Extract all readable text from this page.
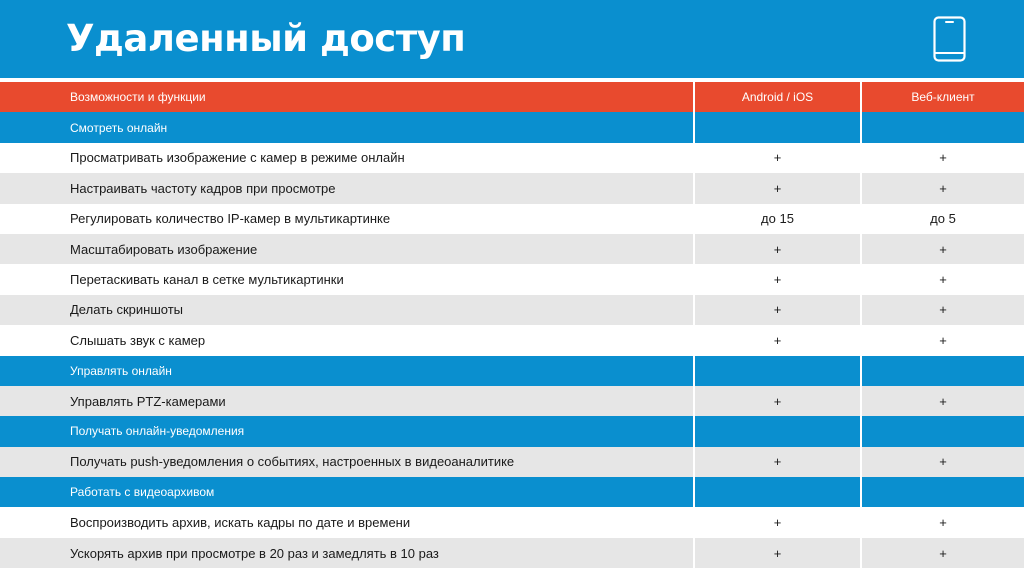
Удаленный доступ
Возможности и функции	Android / iOS	Веб-клиент
Смотреть онлайн
Просматривать изображение с камер в режиме онлайн	+	+
Настраивать частоту кадров при просмотре	+	+
Регулировать количество IP-камер в мультикартинке	до 15	до 5
Масштабировать изображение	+	+
Перетаскивать канал в сетке мультикартинки	+	+
Делать скриншоты	+	+
Слышать звук с камер	+	+
Управлять онлайн
Управлять PTZ-камерами	+	+
Получать онлайн-уведомления
Получать push-уведомления о событиях, настроенных в видеоаналитике	+	+
Работать с видеоархивом
Воспроизводить архив, искать кадры по дате и времени	+	+
Ускорять архив при просмотре в 20 раз и замедлять в 10 раз	+	+
